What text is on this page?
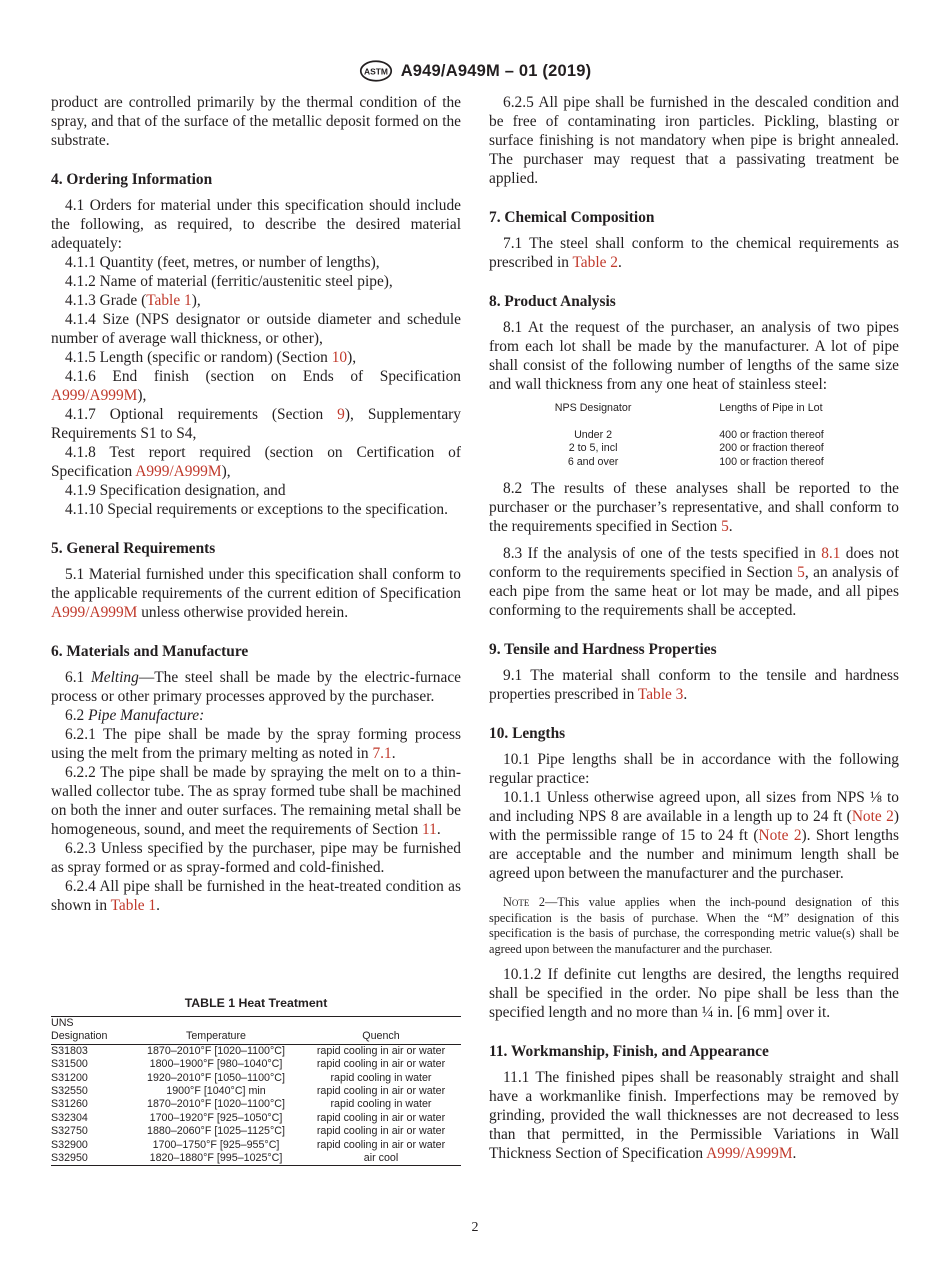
ASTM A949/A949M – 01 (2019)

product are controlled primarily by the thermal condition of the spray, and that of the surface of the metallic deposit formed on the substrate.

4. Ordering Information

4.1 Orders for material under this specification should include the following, as required, to describe the desired material adequately:

4.1.1 Quantity (feet, metres, or number of lengths),

4.1.2 Name of material (ferritic/austenitic steel pipe),

4.1.3 Grade (Table 1),

4.1.4 Size (NPS designator or outside diameter and schedule number of average wall thickness, or other),

4.1.5 Length (specific or random) (Section 10),

4.1.6 End finish (section on Ends of Specification A999/A999M),

4.1.7 Optional requirements (Section 9), Supplementary Requirements S1 to S4,

4.1.8 Test report required (section on Certification of Specification A999/A999M),

4.1.9 Specification designation, and

4.1.10 Special requirements or exceptions to the specification.

5. General Requirements

5.1 Material furnished under this specification shall conform to the applicable requirements of the current edition of Specification A999/A999M unless otherwise provided herein.

6. Materials and Manufacture

6.1 Melting—The steel shall be made by the electric-furnace process or other primary processes approved by the purchaser.

6.2 Pipe Manufacture:

6.2.1 The pipe shall be made by the spray forming process using the melt from the primary melting as noted in 7.1.

6.2.2 The pipe shall be made by spraying the melt on to a thin-walled collector tube. The as spray formed tube shall be machined on both the inner and outer surfaces. The remaining metal shall be homogeneous, sound, and meet the requirements of Section 11.

6.2.3 Unless specified by the purchaser, pipe may be furnished as spray formed or as spray-formed and cold-finished.

6.2.4 All pipe shall be furnished in the heat-treated condition as shown in Table 1.

TABLE 1 Heat Treatment
UNS		
Designation	Temperature	Quench
S31803	1870–2010°F [1020–1100°C]	rapid cooling in air or water
S31500	1800–1900°F [980–1040°C]	rapid cooling in air or water
S31200	1920–2010°F [1050–1100°C]	rapid cooling in water
S32550	1900°F [1040°C] min	rapid cooling in air or water
S31260	1870–2010°F [1020–1100°C]	rapid cooling in water
S32304	1700–1920°F [925–1050°C]	rapid cooling in air or water
S32750	1880–2060°F [1025–1125°C]	rapid cooling in air or water
S32900	1700–1750°F [925–955°C]	rapid cooling in air or water
S32950	1820–1880°F [995–1025°C]	air cool

6.2.5 All pipe shall be furnished in the descaled condition and be free of contaminating iron particles. Pickling, blasting or surface finishing is not mandatory when pipe is bright annealed. The purchaser may request that a passivating treatment be applied.

7. Chemical Composition

7.1 The steel shall conform to the chemical requirements as prescribed in Table 2.

8. Product Analysis

8.1 At the request of the purchaser, an analysis of two pipes from each lot shall be made by the manufacturer. A lot of pipe shall consist of the following number of lengths of the same size and wall thickness from any one heat of stainless steel:

NPS Designator	Lengths of Pipe in Lot
Under 2	400 or fraction thereof
2 to 5, incl	200 or fraction thereof
6 and over	100 or fraction thereof

8.2 The results of these analyses shall be reported to the purchaser or the purchaser’s representative, and shall conform to the requirements specified in Section 5.

8.3 If the analysis of one of the tests specified in 8.1 does not conform to the requirements specified in Section 5, an analysis of each pipe from the same heat or lot may be made, and all pipes conforming to the requirements shall be accepted.

9. Tensile and Hardness Properties

9.1 The material shall conform to the tensile and hardness properties prescribed in Table 3.

10. Lengths

10.1 Pipe lengths shall be in accordance with the following regular practice:

10.1.1 Unless otherwise agreed upon, all sizes from NPS ⅛ to and including NPS 8 are available in a length up to 24 ft (Note 2) with the permissible range of 15 to 24 ft (Note 2). Short lengths are acceptable and the number and minimum length shall be agreed upon between the manufacturer and the purchaser.

Note 2—This value applies when the inch-pound designation of this specification is the basis of purchase. When the “M” designation of this specification is the basis of purchase, the corresponding metric value(s) shall be agreed upon between the manufacturer and the purchaser.

10.1.2 If definite cut lengths are desired, the lengths required shall be specified in the order. No pipe shall be less than the specified length and no more than ¼ in. [6 mm] over it.

11. Workmanship, Finish, and Appearance

11.1 The finished pipes shall be reasonably straight and shall have a workmanlike finish. Imperfections may be removed by grinding, provided the wall thicknesses are not decreased to less than that permitted, in the Permissible Variations in Wall Thickness Section of Specification A999/A999M.

2
